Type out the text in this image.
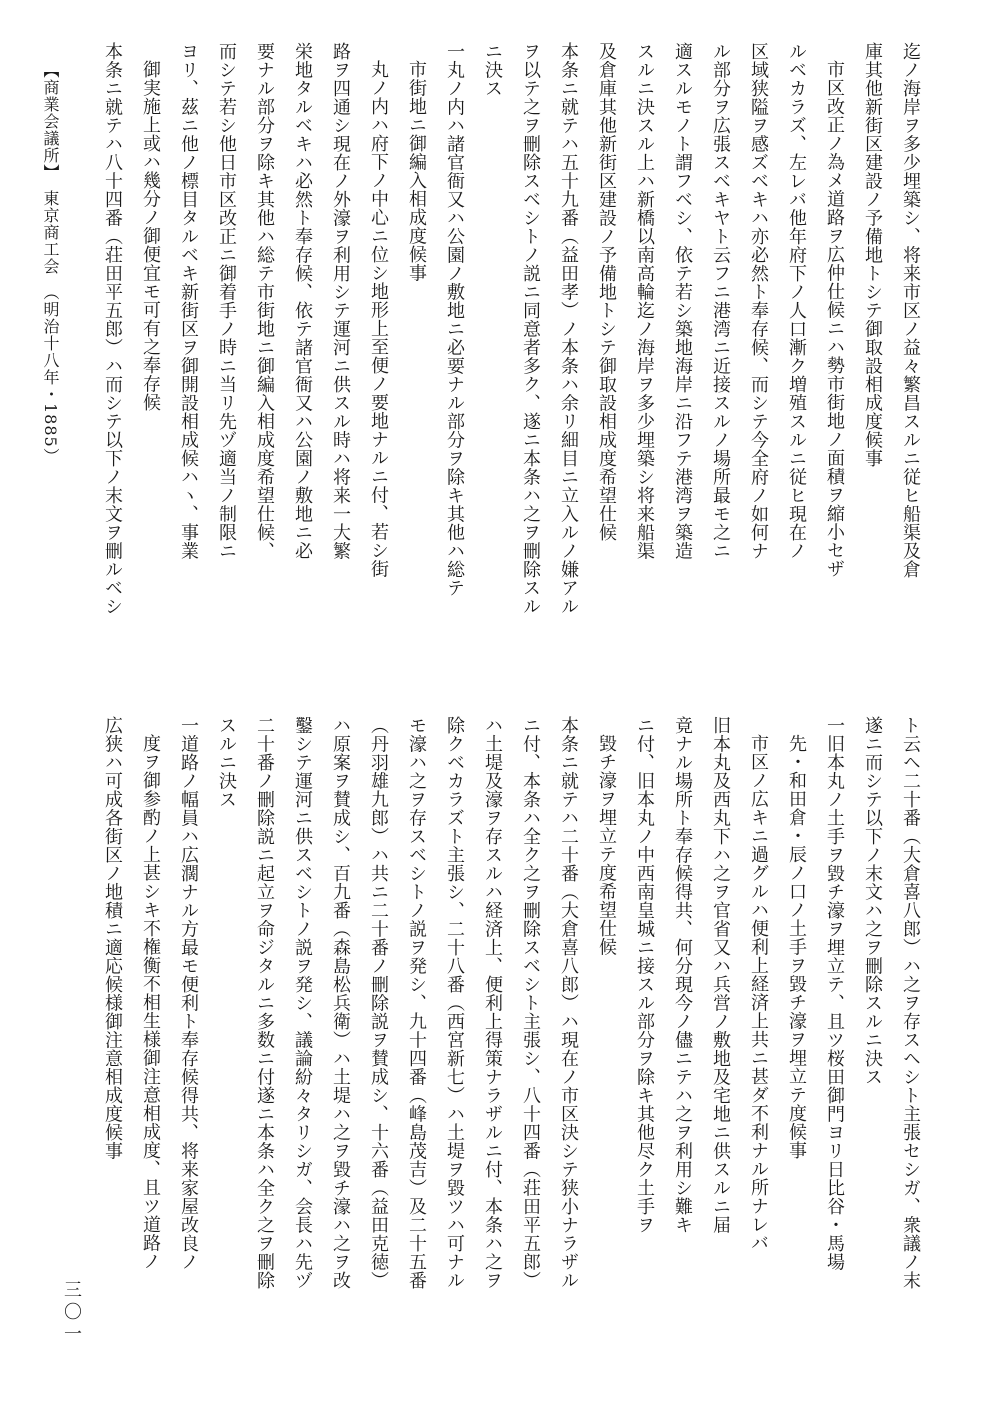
迄ノ海岸ヲ多少埋築シ、将来市区ノ益々繁昌スルニ従ヒ船渠及倉
庫其他新街区建設ノ予備地トシテ御取設相成度候事
市区改正ノ為メ道路ヲ広仲仕候ニハ勢市街地ノ面積ヲ縮小セザ
ルベカラズ、左レバ他年府下ノ人口漸ク増殖スルニ従ヒ現在ノ
区域狭隘ヲ感ズベキハ亦必然ト奉存候、而シテ今全府ノ如何ナ
ル部分ヲ広張スベキヤト云フニ港湾ニ近接スルノ場所最モ之ニ
適スルモノト謂フベシ、依テ若シ築地海岸ニ沿フテ港湾ヲ築造
スルニ決スル上ハ新橋以南高輪迄ノ海岸ヲ多少埋築シ将来船渠
及倉庫其他新街区建設ノ予備地トシテ御取設相成度希望仕候
本条ニ就テハ五十九番（益田孝）ノ本条ハ余リ細目ニ立入ルノ嫌アル
ヲ以テ之ヲ刪除スベシトノ説ニ同意者多ク、遂ニ本条ハ之ヲ刪除スル
ニ決ス
一丸ノ内ハ諸官衙又ハ公園ノ敷地ニ必要ナル部分ヲ除キ其他ハ総テ
市街地ニ御編入相成度候事
丸ノ内ハ府下ノ中心ニ位シ地形上至便ノ要地ナルニ付、若シ街
路ヲ四通シ現在ノ外濠ヲ利用シテ運河ニ供スル時ハ将来一大繁
栄地タルベキハ必然ト奉存候、依テ諸官衙又ハ公園ノ敷地ニ必
要ナル部分ヲ除キ其他ハ総テ市街地ニ御編入相成度希望仕候、
而シテ若シ他日市区改正ニ御着手ノ時ニ当リ先ヅ適当ノ制限ニ
ヨリ、茲ニ他ノ標目タルベキ新街区ヲ御開設相成候ハヽ、事業
御実施上或ハ幾分ノ御便宜モ可有之奉存候
本条ニ就テハ八十四番（荘田平五郎）ハ而シテ以下ノ末文ヲ刪ルベシ
ト云ヘ二十番（大倉喜八郎）ハ之ヲ存スヘシト主張セシガ、衆議ノ末
遂ニ而シテ以下ノ末文ハ之ヲ刪除スルニ決ス
一旧本丸ノ土手ヲ毀チ濠ヲ埋立テ、且ツ桜田御門ヨリ日比谷・馬場
先・和田倉・辰ノ口ノ土手ヲ毀チ濠ヲ埋立テ度候事
市区ノ広キニ過グルハ便利上経済上共ニ甚ダ不利ナル所ナレバ
旧本丸及西丸下ハ之ヲ官省又ハ兵営ノ敷地及宅地ニ供スルニ届
竟ナル場所ト奉存候得共、何分現今ノ儘ニテハ之ヲ利用シ難キ
ニ付、旧本丸ノ中西南皇城ニ接スル部分ヲ除キ其他尽ク土手ヲ
毀チ濠ヲ埋立テ度希望仕候
本条ニ就テハ二十番（大倉喜八郎）ハ現在ノ市区決シテ狭小ナラザル
ニ付、本条ハ全ク之ヲ刪除スベシト主張シ、八十四番（荘田平五郎）
ハ土堤及濠ヲ存スルハ経済上、便利上得策ナラザルニ付、本条ハ之ヲ
除クベカラズト主張シ、二十八番（西宮新七）ハ土堤ヲ毀ツハ可ナル
モ濠ハ之ヲ存スベシトノ説ヲ発シ、九十四番（峰島茂吉）及二十五番
（丹羽雄九郎）ハ共ニ二十番ノ刪除説ヲ賛成シ、十六番（益田克徳）
ハ原案ヲ賛成シ、百九番（森島松兵衛）ハ土堤ハ之ヲ毀チ濠ハ之ヲ改
鑿シテ運河ニ供スベシトノ説ヲ発シ、議論紛々タリシガ、会長ハ先ヅ
二十番ノ刪除説ニ起立ヲ命ジタルニ多数ニ付遂ニ本条ハ全ク之ヲ刪除
スルニ決ス
一道路ノ幅員ハ広濶ナル方最モ便利ト奉存候得共、将来家屋改良ノ
度ヲ御参酌ノ上甚シキ不権衡不相生様御注意相成度、且ツ道路ノ
広狭ハ可成各街区ノ地積ニ適応候様御注意相成度候事
【商業会議所】　東京商工会　（明治十八年・1885）
三〇一
